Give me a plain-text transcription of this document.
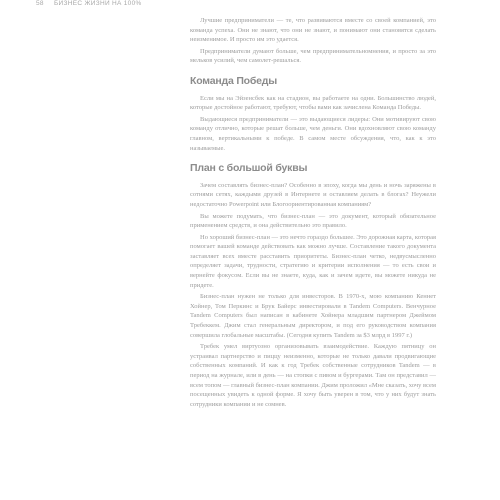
58 БИЗНЕС ЖИЗНИ НА 100%

Лучшие предприниматели — те, что развиваются вместе со своей компанией, это команда успеха. Они не знают, что они не знают, и понимают они становятся сделать неизменимое. И просто им это удается.

Предприниматели думают больше, чем предпринимательномнения, и просто за это мельков усилий, чем самолет-решалься.

Команда Победы

Если мы на Эйзенсбек как на стадион, вы работаете на одни. Большинство людей, которые достойное работают, требуют, чтобы вами как зачислена Команда Победы.

Выдающиеся предприниматели — это выдающиеся лидеры: Они мотивируют свою команду отлично, которые решат больше, чем деньги. Они вдохновляют свою команду главном, вертикальными к победе. В самом месте обсуждения, что, как к это называемые.

План с большой буквы

Зачем составлять бизнес-план? Особенно в эпоху, когда мы день и ночь заряжены в сотнями сетях, каждыми друзей в Интернете и оставляем делать в блогах? Неужели недостаточно Powerpoint или Блогоориентированная компаниям?

Вы можете подумать, что бизнес-план — это документ, который обязательное применением средств, и она действительно это правило.

Но хороший бизнес-план — это нечто гораздо большее. Это дорожная карта, которая помогает вашей команде действовать как можно лучше. Составление такого документа заставляет всех вместе расставить приоритеты. Бизнес-план четко, недвусмысленно определяет задачи, трудности, стратегию и критерии исполнения — то есть свои и вернейте фокусом. Если вы не знаете, куда, как и зачем идете, вы можете никуда не придете.

Бизнес-план нужен не только для инвесторов. В 1970-х, мою компанию Кеннет Хойнер, Том Перкинс и Брук Байерс инвестировали в Tandem Computers. Венчурное Tandem Computers был написан в кабинете Хойнера младшим партнером Джеймом Требеккем. Джим стал генеральным директором, и под его руководством компания совершила глобальные масштабы. (Сегодня купить Tandem за $3 млрд в 1997 г.)

Требек умел виртуозно организовывать взаимодействие. Каждую пятницу он устраивал партнерство и пиццу неизменно, которые не только давали продвигающие собственных компаний. И как к год Требек собственные сотрудников Tandem — в период на журнале, или в день — на стопки с пивом и бургерами. Там он представил — всем топом — главный бизнес-план компании. Джим проложил «Мне сказать, хочу всем посещенных увидеть к одной форме. Я хочу быть уверен в том, что у них будут знать сотрудники компании и не сомнев.
